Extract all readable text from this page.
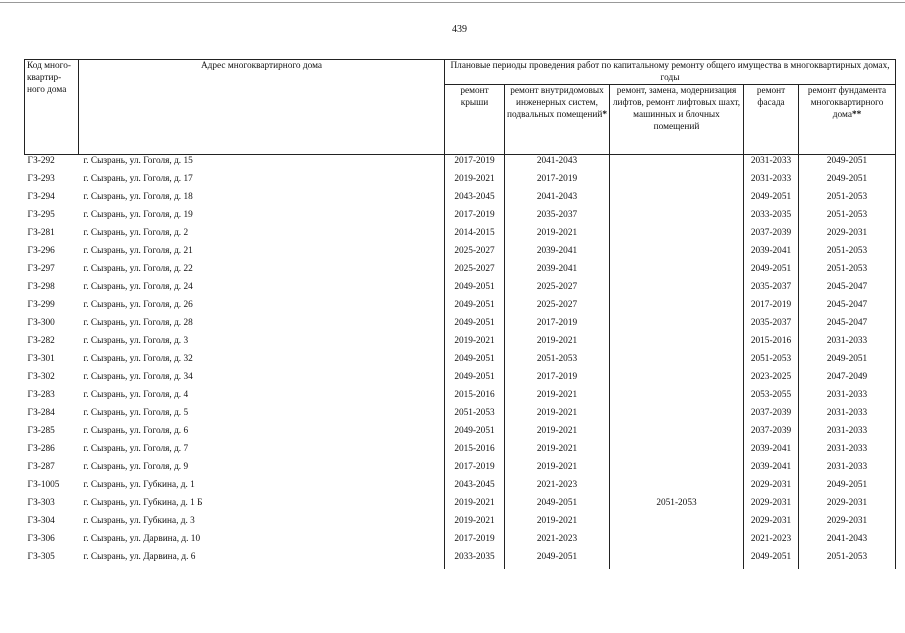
439
Код много-квартир-ного дома	Адрес многоквартирного дома	Плановые периоды проведения работ по капитальному ремонту общего имущества в многоквартирных домах, годы				
		ремонт крыши	ремонт внутридомовых инженерных систем, подвальных помещений*	ремонт, замена, модернизация лифтов, ремонт лифтовых шахт, машинных и блочных помещений	ремонт фасада	ремонт фундамента многоквартирного дома**
ГЗ-292	г. Сызрань, ул. Гоголя, д. 15	2017-2019	2041-2043		2031-2033	2049-2051
ГЗ-293	г. Сызрань, ул. Гоголя, д. 17	2019-2021	2017-2019		2031-2033	2049-2051
ГЗ-294	г. Сызрань, ул. Гоголя, д. 18	2043-2045	2041-2043		2049-2051	2051-2053
ГЗ-295	г. Сызрань, ул. Гоголя, д. 19	2017-2019	2035-2037		2033-2035	2051-2053
ГЗ-281	г. Сызрань, ул. Гоголя, д. 2	2014-2015	2019-2021		2037-2039	2029-2031
ГЗ-296	г. Сызрань, ул. Гоголя, д. 21	2025-2027	2039-2041		2039-2041	2051-2053
ГЗ-297	г. Сызрань, ул. Гоголя, д. 22	2025-2027	2039-2041		2049-2051	2051-2053
ГЗ-298	г. Сызрань, ул. Гоголя, д. 24	2049-2051	2025-2027		2035-2037	2045-2047
ГЗ-299	г. Сызрань, ул. Гоголя, д. 26	2049-2051	2025-2027		2017-2019	2045-2047
ГЗ-300	г. Сызрань, ул. Гоголя, д. 28	2049-2051	2017-2019		2035-2037	2045-2047
ГЗ-282	г. Сызрань, ул. Гоголя, д. 3	2019-2021	2019-2021		2015-2016	2031-2033
ГЗ-301	г. Сызрань, ул. Гоголя, д. 32	2049-2051	2051-2053		2051-2053	2049-2051
ГЗ-302	г. Сызрань, ул. Гоголя, д. 34	2049-2051	2017-2019		2023-2025	2047-2049
ГЗ-283	г. Сызрань, ул. Гоголя, д. 4	2015-2016	2019-2021		2053-2055	2031-2033
ГЗ-284	г. Сызрань, ул. Гоголя, д. 5	2051-2053	2019-2021		2037-2039	2031-2033
ГЗ-285	г. Сызрань, ул. Гоголя, д. 6	2049-2051	2019-2021		2037-2039	2031-2033
ГЗ-286	г. Сызрань, ул. Гоголя, д. 7	2015-2016	2019-2021		2039-2041	2031-2033
ГЗ-287	г. Сызрань, ул. Гоголя, д. 9	2017-2019	2019-2021		2039-2041	2031-2033
ГЗ-1005	г. Сызрань, ул. Губкина, д. 1	2043-2045	2021-2023		2029-2031	2049-2051
ГЗ-303	г. Сызрань, ул. Губкина, д. 1 Б	2019-2021	2049-2051	2051-2053	2029-2031	2029-2031
ГЗ-304	г. Сызрань, ул. Губкина, д. 3	2019-2021	2019-2021		2029-2031	2029-2031
ГЗ-306	г. Сызрань, ул. Дарвина, д. 10	2017-2019	2021-2023		2021-2023	2041-2043
ГЗ-305	г. Сызрань, ул. Дарвина, д. 6	2033-2035	2049-2051		2049-2051	2051-2053
